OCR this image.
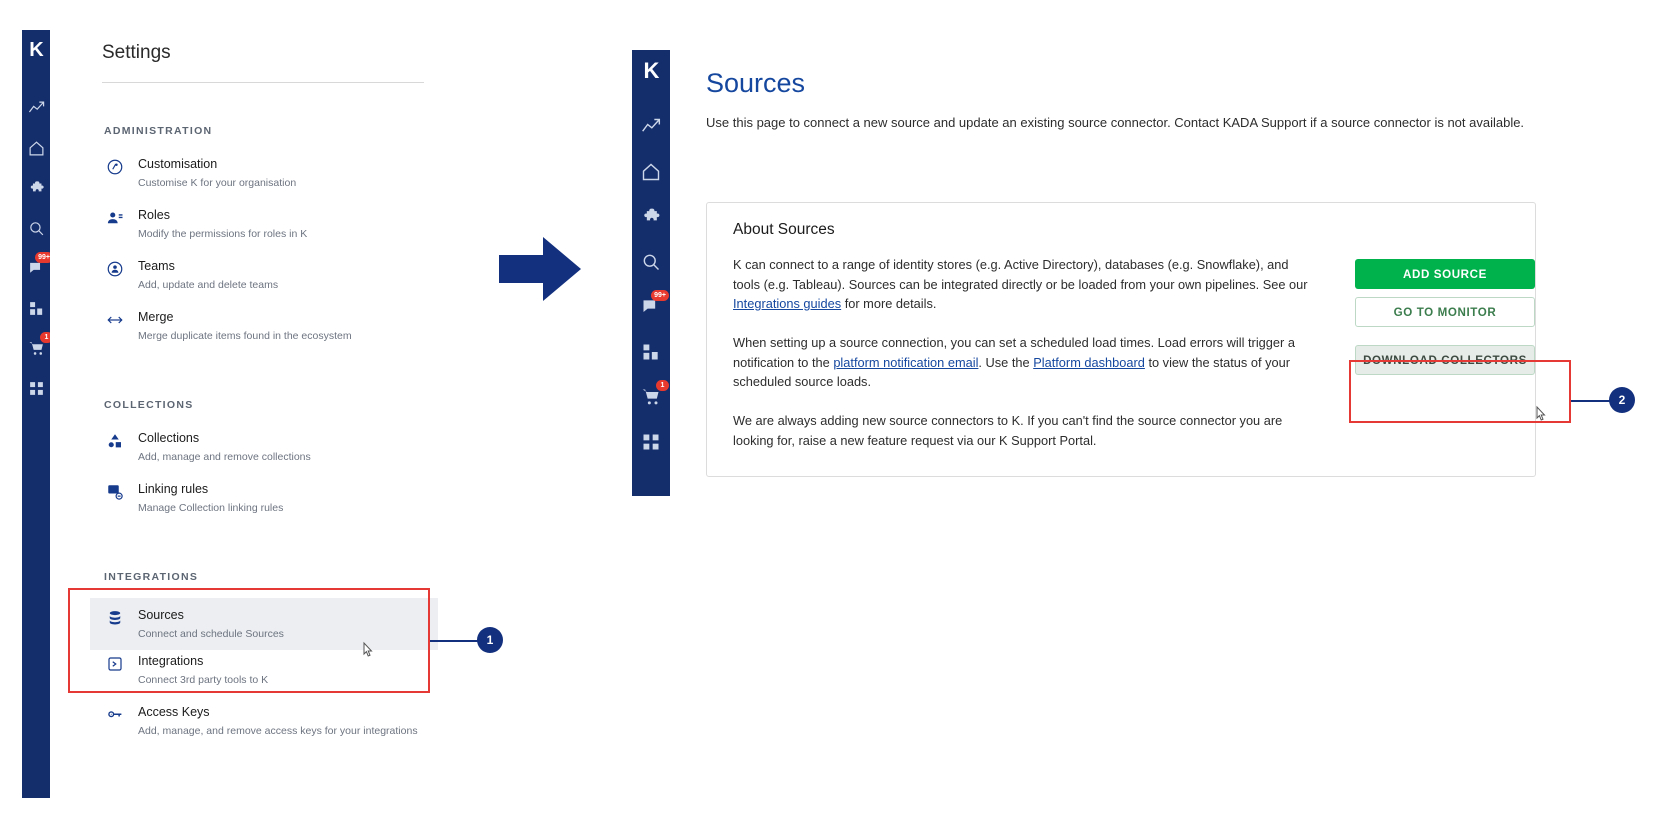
K
99+
1
Settings
ADMINISTRATION
Customisation
Customise K for your organisation
Roles
Modify the permissions for roles in K
Teams
Add, update and delete teams
Merge
Merge duplicate items found in the ecosystem
COLLECTIONS
Collections
Add, manage and remove collections
Linking rules
Manage Collection linking rules
INTEGRATIONS
Sources
Connect and schedule Sources
Integrations
Connect 3rd party tools to K
Access Keys
Add, manage, and remove access keys for your integrations
1
K
99+
1
Sources
Use this page to connect a new source and update an existing source connector. Contact KADA Support if a source connector is not available.
About Sources
K can connect to a range of identity stores (e.g. Active Directory), databases (e.g. Snowflake), and tools (e.g. Tableau). Sources can be integrated directly or be loaded from your own pipelines. See our Integrations guides for more details.
When setting up a source connection, you can set a scheduled load times. Load errors will trigger a notification to the platform notification email. Use the Platform dashboard to view the status of your scheduled source loads.
We are always adding new source connectors to K. If you can't find the source connector you are looking for, raise a new feature request via our K Support Portal.
ADD SOURCE
GO TO MONITOR
DOWNLOAD COLLECTORS
2
